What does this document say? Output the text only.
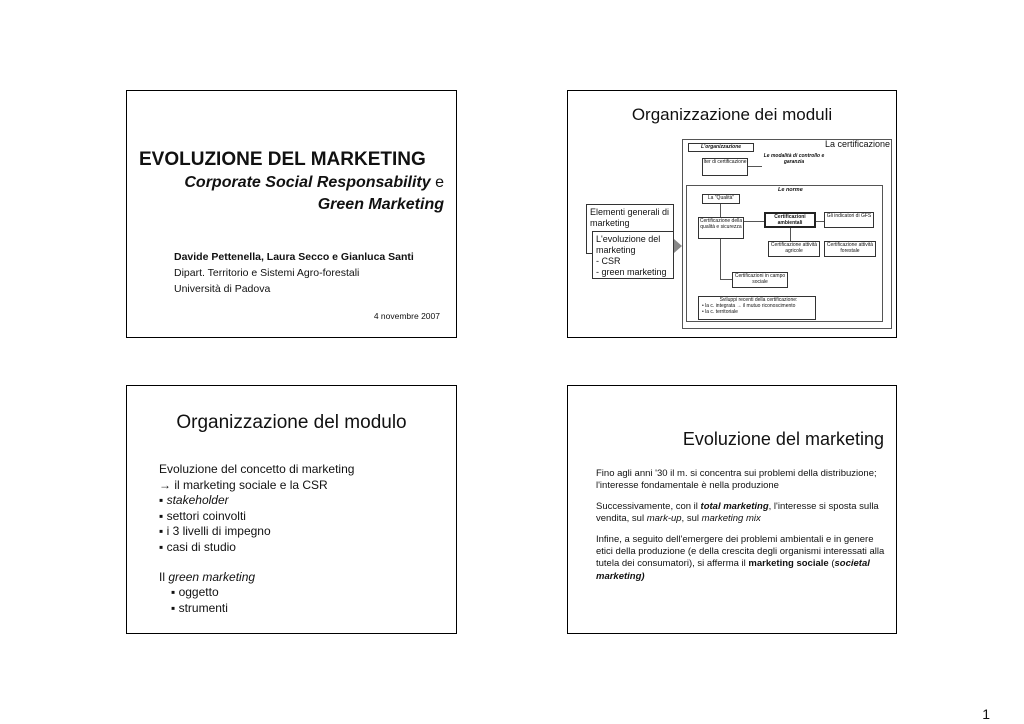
EVOLUZIONE DEL MARKETING
Corporate Social Responsability e
Green Marketing
Davide Pettenella, Laura Secco e Gianluca Santi
Dipart. Territorio e Sistemi Agro-forestali
Università di Padova
4 novembre 2007
Organizzazione dei moduli
La certificazione
L'organizzazione
Iter di certificazione
Le modalità di controllo e garanzia
Le norme
La "Qualità"
Certificazione della qualità e sicurezza
Certificazioni ambientali
Gli indicatori di GFS
Certificazione attività agricole
Certificazione attività forestale
Certificazioni in campo sociale
Sviluppi recenti della certificazione:
• la c. integrata → il mutuo riconoscimento
• la c. territoriale
Elementi generali di marketing
L'evoluzione del marketing
- CSR
- green marketing
Organizzazione del modulo
Evoluzione del concetto di marketing
→ il marketing sociale e la CSR
▪ stakeholder
▪ settori coinvolti
▪ i 3 livelli di impegno
▪ casi di studio
Il green marketing
▪ oggetto
▪ strumenti
Evoluzione del marketing
Fino agli anni '30 il m. si concentra sui problemi della distribuzione; l'interesse fondamentale è nella produzione
Successivamente, con il total marketing, l'interesse si sposta sulla vendita, sul mark-up, sul marketing mix
Infine, a seguito dell'emergere dei problemi ambientali e in genere etici della produzione (e della crescita degli organismi interessati alla tutela dei consumatori), si afferma il marketing sociale (societal marketing)
1
